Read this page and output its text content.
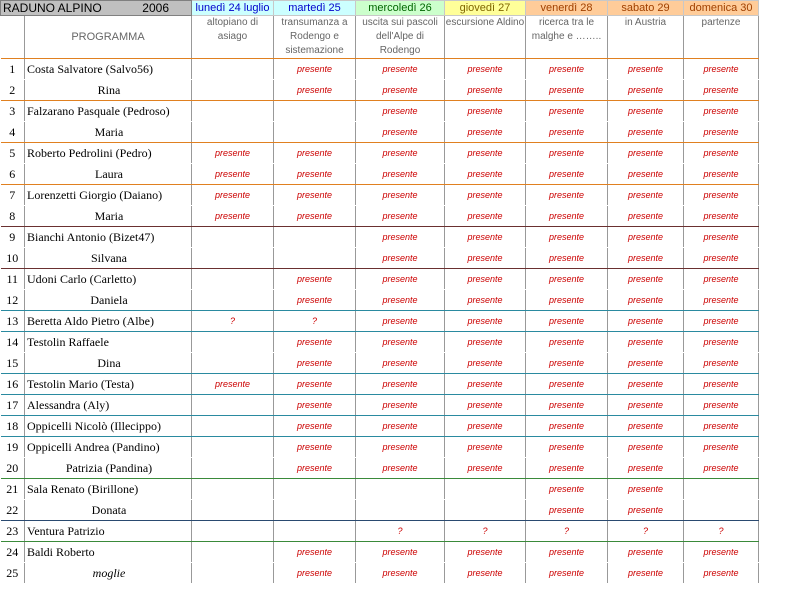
RADUNO ALPINO 2006		lunedì 24 luglio	martedì 25	mercoledì 26	giovedì 27	venerdì 28	sabato 29	domenica 30
	PROGRAMMA	altopiano di asiago	transumanza a Rodengo e sistemazione	uscita sui pascoli dell'Alpe di Rodengo	escursione Aldino	ricerca tra le malghe e ……..	in Austria	partenze
1	Costa Salvatore (Salvo56)		presente	presente	presente	presente	presente	presente
2	Rina		presente	presente	presente	presente	presente	presente
3	Falzarano Pasquale (Pedroso)			presente	presente	presente	presente	presente
4	Maria			presente	presente	presente	presente	presente
5	Roberto Pedrolini (Pedro)	presente	presente	presente	presente	presente	presente	presente
6	Laura	presente	presente	presente	presente	presente	presente	presente
7	Lorenzetti Giorgio (Daiano)	presente	presente	presente	presente	presente	presente	presente
8	Maria	presente	presente	presente	presente	presente	presente	presente
9	Bianchi Antonio (Bizet47)			presente	presente	presente	presente	presente
10	Silvana			presente	presente	presente	presente	presente
11	Udoni Carlo (Carletto)		presente	presente	presente	presente	presente	presente
12	Daniela		presente	presente	presente	presente	presente	presente
13	Beretta Aldo Pietro (Albe)	?	?	presente	presente	presente	presente	presente
14	Testolin Raffaele		presente	presente	presente	presente	presente	presente
15	Dina		presente	presente	presente	presente	presente	presente
16	Testolin Mario (Testa)	presente	presente	presente	presente	presente	presente	presente
17	Alessandra (Aly)		presente	presente	presente	presente	presente	presente
18	Oppicelli Nicolò (Illecippo)		presente	presente	presente	presente	presente	presente
19	Oppicelli Andrea (Pandino)		presente	presente	presente	presente	presente	presente
20	Patrizia (Pandina)		presente	presente	presente	presente	presente	presente
21	Sala Renato (Birillone)					presente	presente	
22	Donata					presente	presente	
23	Ventura Patrizio			?	?	?	?	?
24	Baldi Roberto		presente	presente	presente	presente	presente	presente
25	moglie		presente	presente	presente	presente	presente	presente
